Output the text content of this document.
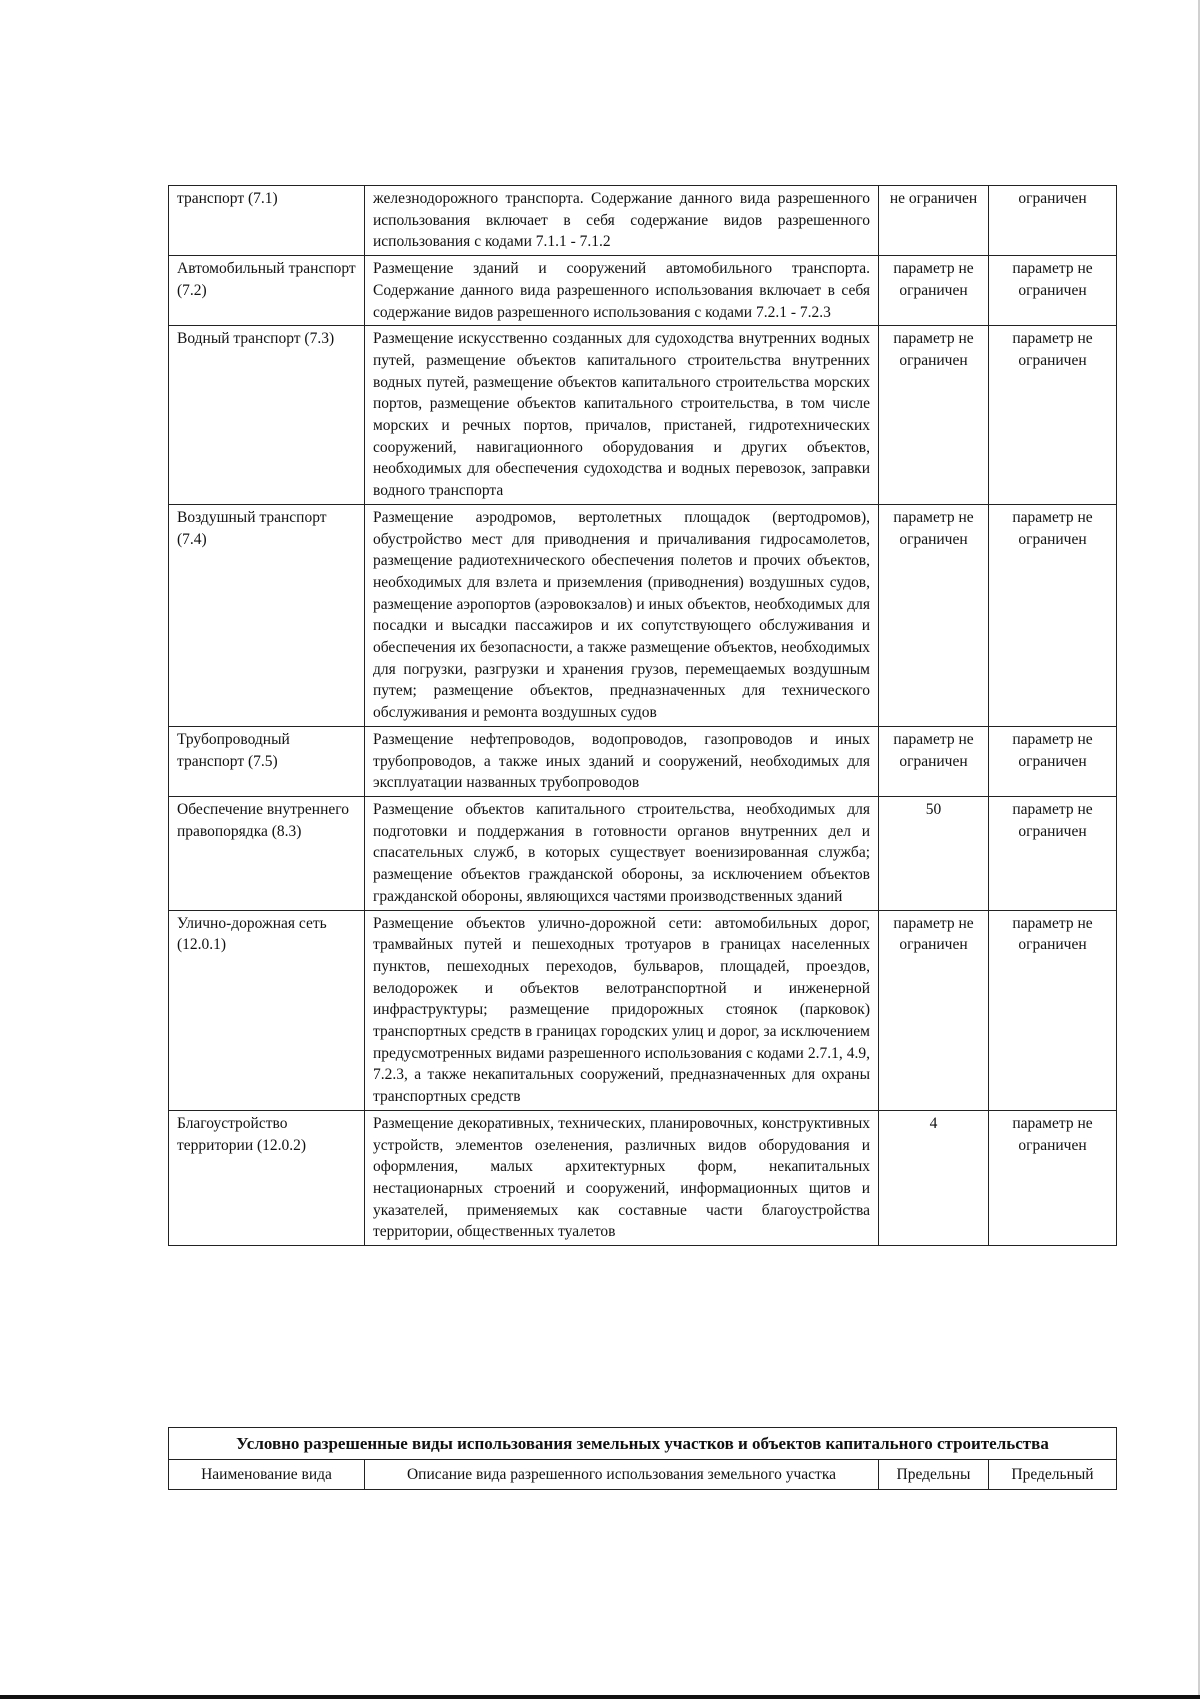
транспорт (7.1)	железнодорожного транспорта. Содержание данного вида разрешенного использования включает в себя содержание видов разрешенного использования с кодами 7.1.1 - 7.1.2	не ограничен	ограничен
Автомобильный транспорт (7.2)	Размещение зданий и сооружений автомобильного транспорта. Содержание данного вида разрешенного использования включает в себя содержание видов разрешенного использования с кодами 7.2.1 - 7.2.3	параметр не ограничен	параметр не ограничен
Водный транспорт (7.3)	Размещение искусственно созданных для судоходства внутренних водных путей, размещение объектов капитального строительства внутренних водных путей, размещение объектов капитального строительства морских портов, размещение объектов капитального строительства, в том числе морских и речных портов, причалов, пристаней, гидротехнических сооружений, навигационного оборудования и других объектов, необходимых для обеспечения судоходства и водных перевозок, заправки водного транспорта	параметр не ограничен	параметр не ограничен
Воздушный транспорт (7.4)	Размещение аэродромов, вертолетных площадок (вертодромов), обустройство мест для приводнения и причаливания гидросамолетов, размещение радиотехнического обеспечения полетов и прочих объектов, необходимых для взлета и приземления (приводнения) воздушных судов, размещение аэропортов (аэровокзалов) и иных объектов, необходимых для посадки и высадки пассажиров и их сопутствующего обслуживания и обеспечения их безопасности, а также размещение объектов, необходимых для погрузки, разгрузки и хранения грузов, перемещаемых воздушным путем; размещение объектов, предназначенных для технического обслуживания и ремонта воздушных судов	параметр не ограничен	параметр не ограничен
Трубопроводный транспорт (7.5)	Размещение нефтепроводов, водопроводов, газопроводов и иных трубопроводов, а также иных зданий и сооружений, необходимых для эксплуатации названных трубопроводов	параметр не ограничен	параметр не ограничен
Обеспечение внутреннего правопорядка (8.3)	Размещение объектов капитального строительства, необходимых для подготовки и поддержания в готовности органов внутренних дел и спасательных служб, в которых существует военизированная служба; размещение объектов гражданской обороны, за исключением объектов гражданской обороны, являющихся частями производственных зданий	50	параметр не ограничен
Улично-дорожная сеть (12.0.1)	Размещение объектов улично-дорожной сети: автомобильных дорог, трамвайных путей и пешеходных тротуаров в границах населенных пунктов, пешеходных переходов, бульваров, площадей, проездов, велодорожек и объектов велотранспортной и инженерной инфраструктуры; размещение придорожных стоянок (парковок) транспортных средств в границах городских улиц и дорог, за исключением предусмотренных видами разрешенного использования с кодами 2.7.1, 4.9, 7.2.3, а также некапитальных сооружений, предназначенных для охраны транспортных средств	параметр не ограничен	параметр не ограничен
Благоустройство территории (12.0.2)	Размещение декоративных, технических, планировочных, конструктивных устройств, элементов озеленения, различных видов оборудования и оформления, малых архитектурных форм, некапитальных нестационарных строений и сооружений, информационных щитов и указателей, применяемых как составные части благоустройства территории, общественных туалетов	4	параметр не ограничен
Условно разрешенные виды использования земельных участков и объектов капитального строительства
Наименование вида	Описание вида разрешенного использования земельного участка	Предельны	Предельный
